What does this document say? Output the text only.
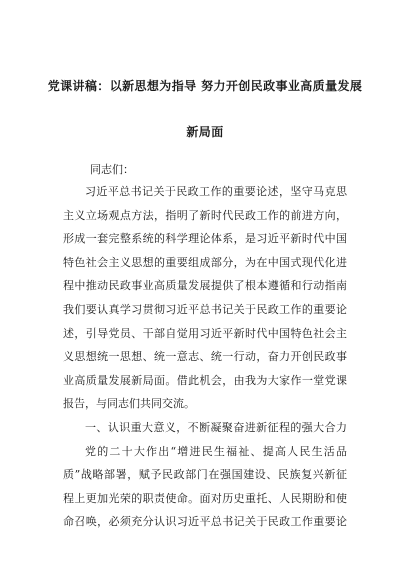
党课讲稿：以新思想为指导 努力开创民政事业高质量发展
新局面
同志们：
习近平总书记关于民政工作的重要论述，坚守马克思
主义立场观点方法，指明了新时代民政工作的前进方向，
形成一套完整系统的科学理论体系，是习近平新时代中国
特色社会主义思想的重要组成部分，为在中国式现代化进
程中推动民政事业高质量发展提供了根本遵循和行动指南
我们要认真学习贯彻习近平总书记关于民政工作的重要论
述，引导党员、干部自觉用习近平新时代中国特色社会主
义思想统一思想、统一意志、统一行动，奋力开创民政事
业高质量发展新局面。借此机会，由我为大家作一堂党课
报告，与同志们共同交流。
一、认识重大意义，不断凝聚奋进新征程的强大合力
党的二十大作出“增进民生福祉、提高人民生活品
质”战略部署，赋予民政部门在强国建设、民族复兴新征
程上更加光荣的职责使命。面对历史重托、人民期盼和使
命召唤，必须充分认识习近平总书记关于民政工作重要论
